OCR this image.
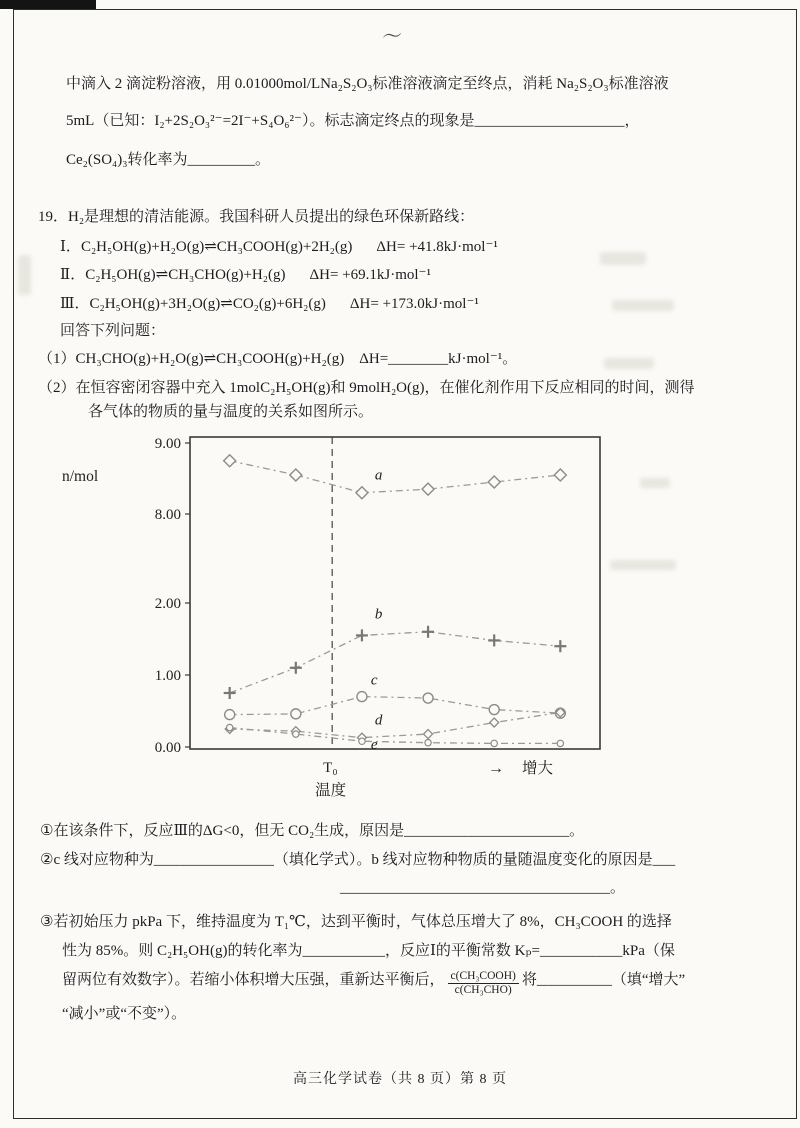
〜

中滴入 2 滴淀粉溶液，用 0.01000mol/LNa₂S₂O₃标准溶液滴定至终点，消耗 Na₂S₂O₃标准溶液

5mL（已知：I₂+2S₂O₃²⁻=2I⁻+S₄O₆²⁻）。标志滴定终点的现象是____________________，

Ce₂(SO₄)₃转化率为_________。

19．H₂是理想的清洁能源。我国科研人员提出的绿色环保新路线：

Ⅰ．C₂H₅OH(g)+H₂O(g)⇌CH₃COOH(g)+2H₂(g) ΔH= +41.8kJ·mol⁻¹

Ⅱ．C₂H₅OH(g)⇌CH₃CHO(g)+H₂(g) ΔH= +69.1kJ·mol⁻¹

Ⅲ．C₂H₅OH(g)+3H₂O(g)⇌CO₂(g)+6H₂(g) ΔH= +173.0kJ·mol⁻¹

回答下列问题：

（1）CH₃CHO(g)+H₂O(g)⇌CH₃COOH(g)+H₂(g)　ΔH=________kJ·mol⁻¹。

（2）在恒容密闭容器中充入 1molC₂H₅OH(g)和 9molH₂O(g)，在催化剂作用下反应相同的时间，测得

各气体的物质的量与温度的关系如图所示。

9.00
8.00
2.00
1.00
0.00
n/mol
T₀
温度
→ 增大
a
b
c
d
e

①在该条件下，反应Ⅲ的ΔG<0，但无 CO₂生成，原因是______________________。

②c 线对应物种为________________（填化学式）。b 线对应物种物质的量随温度变化的原因是___

____________________________________。

③若初始压力 pkPa 下，维持温度为 T₁℃，达到平衡时，气体总压增大了 8%，CH₃COOH 的选择

性为 85%。则 C₂H₅OH(g)的转化率为___________，反应Ⅰ的平衡常数 Kₚ=___________kPa（保

留两位有效数字）。若缩小体积增大压强，重新达平衡后， $\frac{\text{c(CH₃COOH)}}{\text{c(CH₃CHO)}}$ 将__________（填“增大”

“减小”或“不变”）。

高三化学试卷（共 8 页）第 8 页
